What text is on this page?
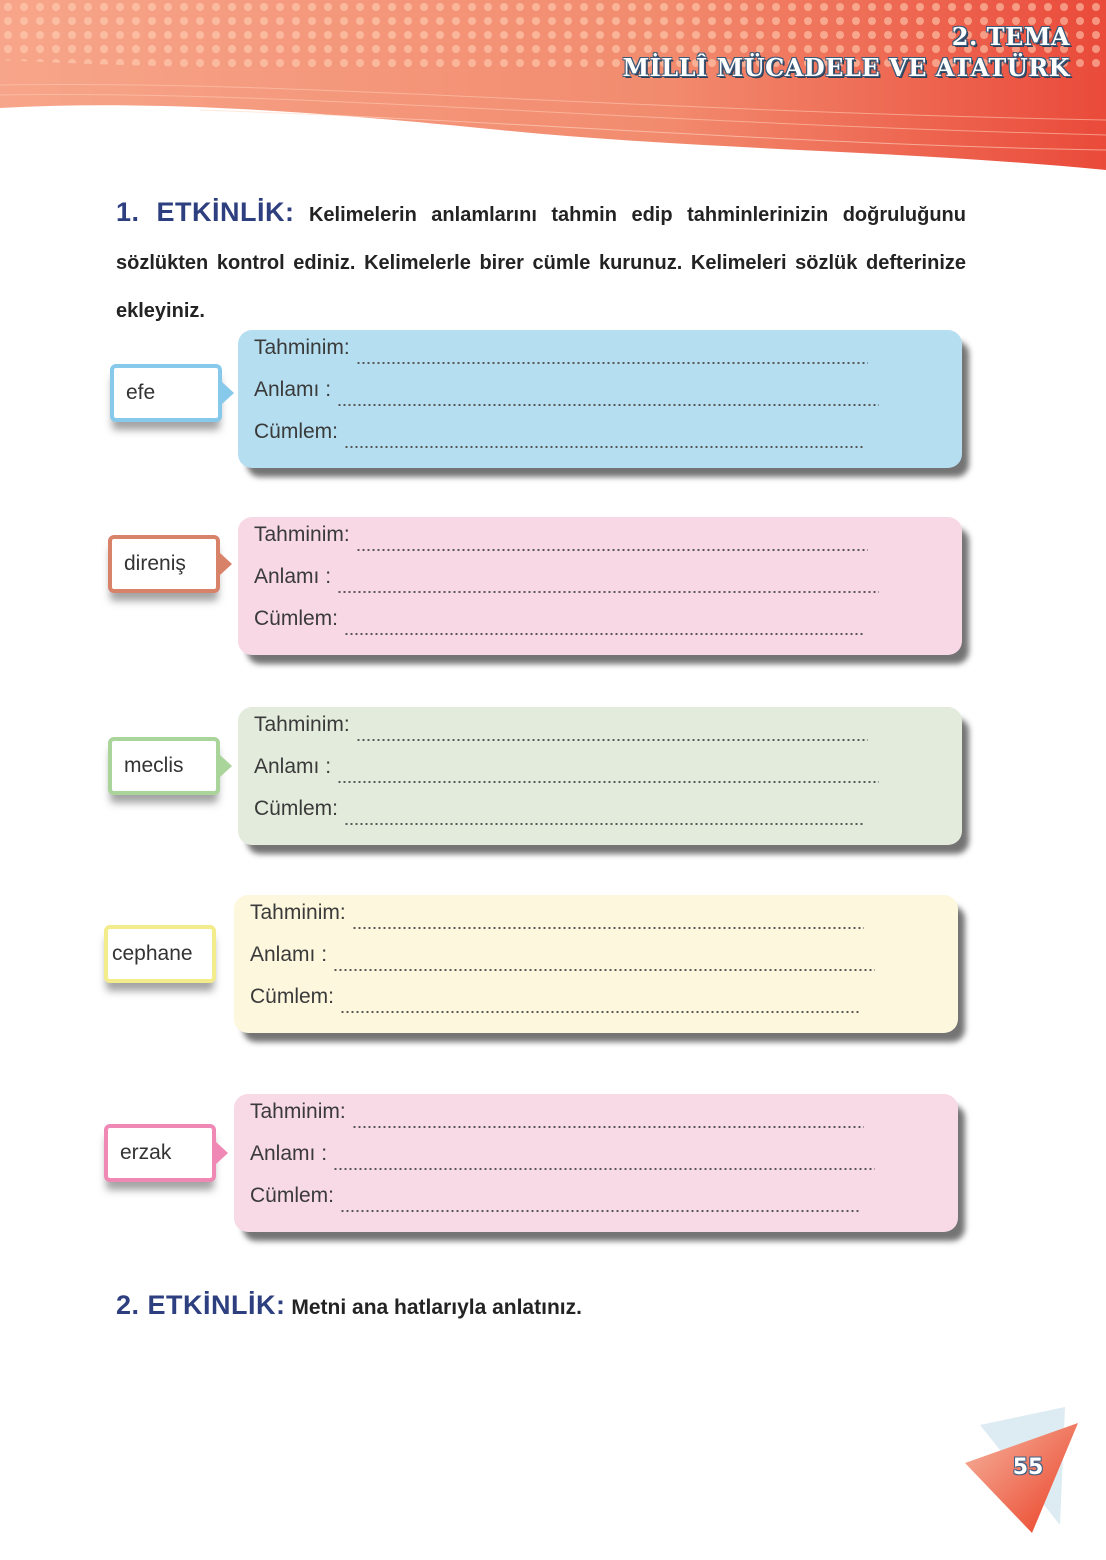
2. TEMA
MİLLÎ MÜCADELE VE ATATÜRK
1. ETKİNLİK: Kelimelerin anlamlarını tahmin edip tahminlerinizin doğruluğunu sözlükten kontrol ediniz. Kelimelerle birer cümle kurunuz. Kelimeleri sözlük defterinize ekleyiniz.
efe
Tahminim:
Anlamı :
Cümlem:
direniş
Tahminim:
Anlamı :
Cümlem:
meclis
Tahminim:
Anlamı :
Cümlem:
cephane
Tahminim:
Anlamı :
Cümlem:
erzak
Tahminim:
Anlamı :
Cümlem:
2. ETKİNLİK: Metni ana hatlarıyla anlatınız.
55
